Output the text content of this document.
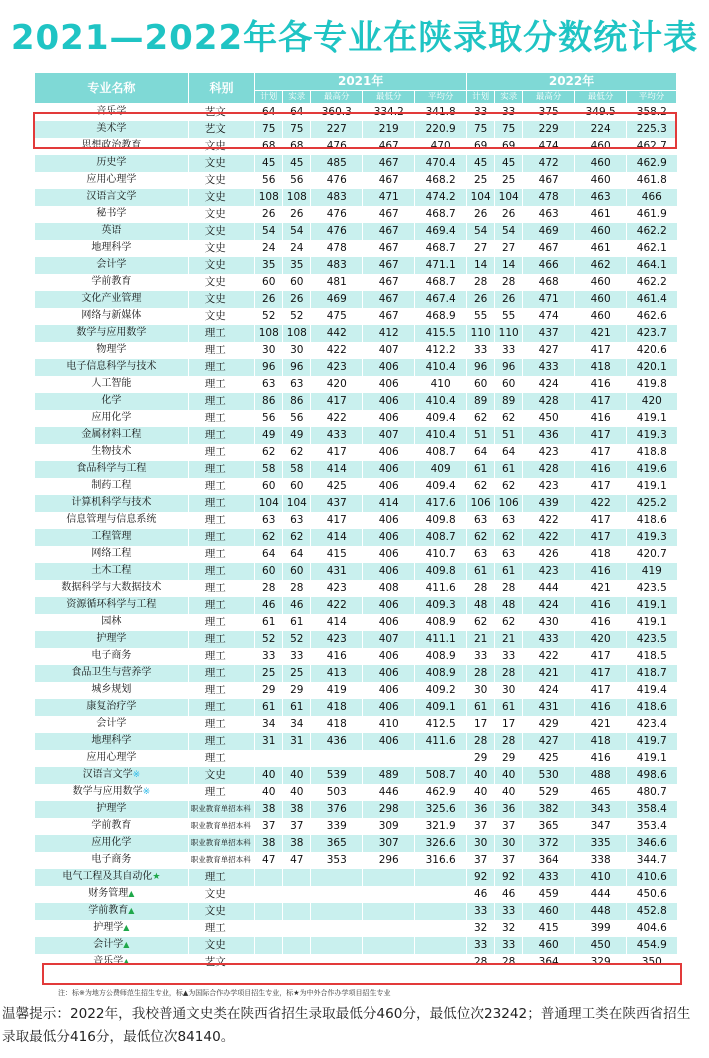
2021—2022年各专业在陕录取分数统计表
专业名称	科别	2021年					2022年				
		计划	实录	最高分	最低分	平均分	计划	实录	最高分	最低分	平均分
音乐学	艺文	64	64	360.3	334.2	341.8	33	33	375	349.5	358.2
美术学	艺文	75	75	227	219	220.9	75	75	229	224	225.3
思想政治教育	文史	68	68	476	467	470	69	69	474	460	462.7
历史学	文史	45	45	485	467	470.4	45	45	472	460	462.9
应用心理学	文史	56	56	476	467	468.2	25	25	467	460	461.8
汉语言文学	文史	108	108	483	471	474.2	104	104	478	463	466
秘书学	文史	26	26	476	467	468.7	26	26	463	461	461.9
英语	文史	54	54	476	467	469.4	54	54	469	460	462.2
地理科学	文史	24	24	478	467	468.7	27	27	467	461	462.1
会计学	文史	35	35	483	467	471.1	14	14	466	462	464.1
学前教育	文史	60	60	481	467	468.7	28	28	468	460	462.2
文化产业管理	文史	26	26	469	467	467.4	26	26	471	460	461.4
网络与新媒体	文史	52	52	475	467	468.9	55	55	474	460	462.6
数学与应用数学	理工	108	108	442	412	415.5	110	110	437	421	423.7
物理学	理工	30	30	422	407	412.2	33	33	427	417	420.6
电子信息科学与技术	理工	96	96	423	406	410.4	96	96	433	418	420.1
人工智能	理工	63	63	420	406	410	60	60	424	416	419.8
化学	理工	86	86	417	406	410.4	89	89	428	417	420
应用化学	理工	56	56	422	406	409.4	62	62	450	416	419.1
金属材料工程	理工	49	49	433	407	410.4	51	51	436	417	419.3
生物技术	理工	62	62	417	406	408.7	64	64	423	417	418.8
食品科学与工程	理工	58	58	414	406	409	61	61	428	416	419.6
制药工程	理工	60	60	425	406	409.4	62	62	423	417	419.1
计算机科学与技术	理工	104	104	437	414	417.6	106	106	439	422	425.2
信息管理与信息系统	理工	63	63	417	406	409.8	63	63	422	417	418.6
工程管理	理工	62	62	414	406	408.7	62	62	422	417	419.3
网络工程	理工	64	64	415	406	410.7	63	63	426	418	420.7
土木工程	理工	60	60	431	406	409.8	61	61	423	416	419
数据科学与大数据技术	理工	28	28	423	408	411.6	28	28	444	421	423.5
资源循环科学与工程	理工	46	46	422	406	409.3	48	48	424	416	419.1
园林	理工	61	61	414	406	408.9	62	62	430	416	419.1
护理学	理工	52	52	423	407	411.1	21	21	433	420	423.5
电子商务	理工	33	33	416	406	408.9	33	33	422	417	418.5
食品卫生与营养学	理工	25	25	413	406	408.9	28	28	421	417	418.7
城乡规划	理工	29	29	419	406	409.2	30	30	424	417	419.4
康复治疗学	理工	61	61	418	406	409.1	61	61	431	416	418.6
会计学	理工	34	34	418	410	412.5	17	17	429	421	423.4
地理科学	理工	31	31	436	406	411.6	28	28	427	418	419.7
应用心理学	理工						29	29	425	416	419.1
汉语言文学※	文史	40	40	539	489	508.7	40	40	530	488	498.6
数学与应用数学※	理工	40	40	503	446	462.9	40	40	529	465	480.7
护理学	职业教育单招本科	38	38	376	298	325.6	36	36	382	343	358.4
学前教育	职业教育单招本科	37	37	339	309	321.9	37	37	365	347	353.4
应用化学	职业教育单招本科	38	38	365	307	326.6	30	30	372	335	346.6
电子商务	职业教育单招本科	47	47	353	296	316.6	37	37	364	338	344.7
电气工程及其自动化★	理工						92	92	433	410	410.6
财务管理▲	文史						46	46	459	444	450.6
学前教育▲	文史						33	33	460	448	452.8
护理学▲	理工						32	32	415	399	404.6
会计学▲	文史						33	33	460	450	454.9
音乐学▲	艺文						28	28	364	329	350
注：标※为地方公费师范生招生专业，标▲为国际合作办学项目招生专业，标★为中外合作办学项目招生专业
温馨提示：2022年，我校普通文史类在陕西省招生录取最低分460分，最低位次23242；普通理工类在陕西省招生录取最低分416分，最低位次84140。
